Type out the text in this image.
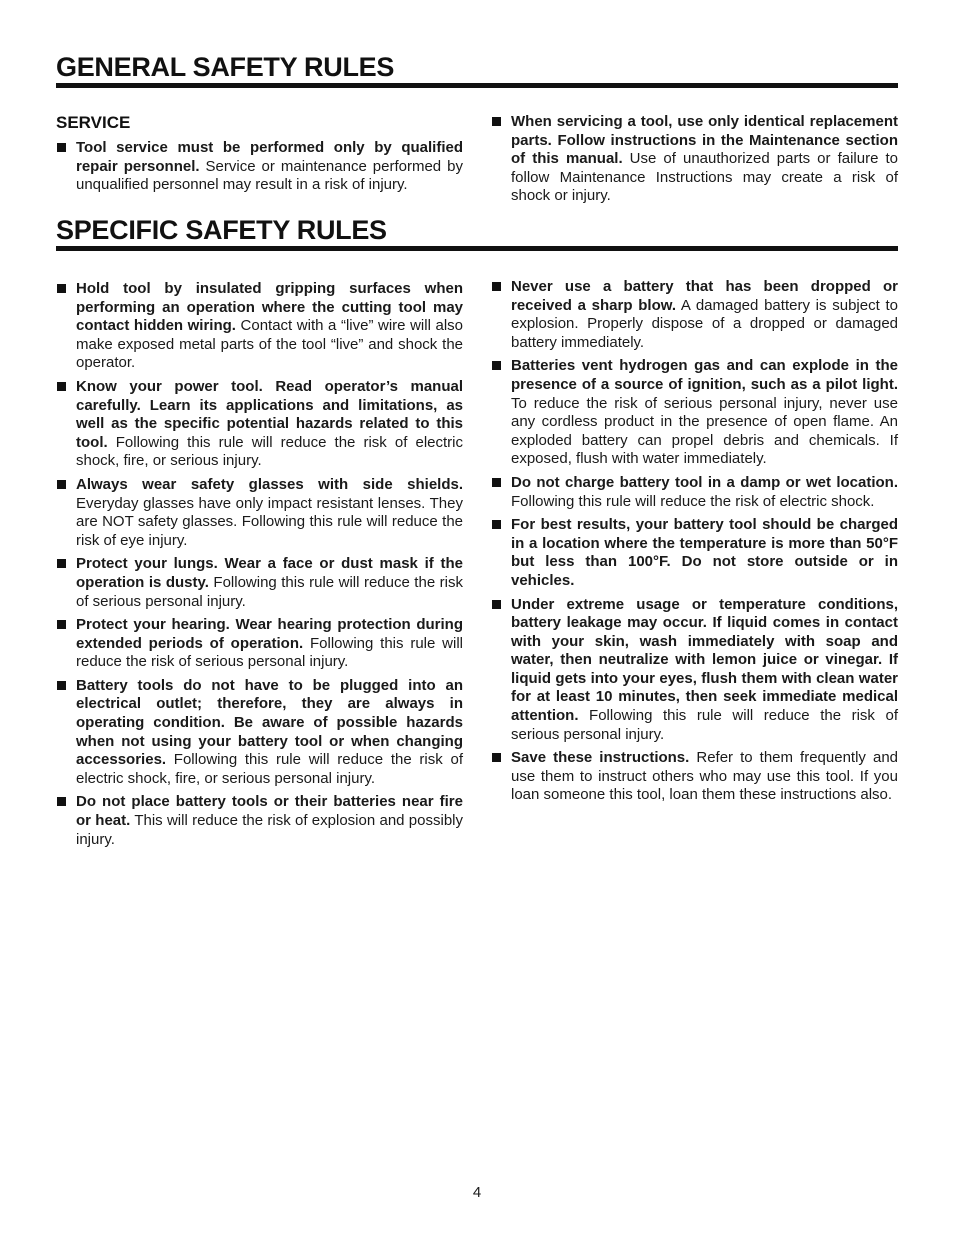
GENERAL SAFETY RULES
SERVICE
Tool service must be performed only by qualified repair personnel. Service or maintenance performed by unqualified personnel may result in a risk of injury.
When servicing a tool, use only identical replacement parts. Follow instructions in the Maintenance section of this manual. Use of unauthorized parts or failure to follow Maintenance Instructions may create a risk of shock or injury.
SPECIFIC SAFETY RULES
Hold tool by insulated gripping surfaces when performing an operation where the cutting tool may contact hidden wiring. Contact with a “live” wire will also make exposed metal parts of the tool “live” and shock the operator.
Know your power tool. Read operator’s manual carefully. Learn its applications and limitations, as well as the specific potential hazards related to this tool. Following this rule will reduce the risk of electric shock, fire, or serious injury.
Always wear safety glasses with side shields. Everyday glasses have only impact resistant lenses. They are NOT safety glasses. Following this rule will reduce the risk of eye injury.
Protect your lungs. Wear a face or dust mask if the operation is dusty. Following this rule will reduce the risk of serious personal injury.
Protect your hearing. Wear hearing protection during extended periods of operation. Following this rule will reduce the risk of serious personal injury.
Battery tools do not have to be plugged into an electrical outlet; therefore, they are always in operating condition. Be aware of possible hazards when not using your battery tool or when changing accessories. Following this rule will reduce the risk of electric shock, fire, or serious personal injury.
Do not place battery tools or their batteries near fire or heat. This will reduce the risk of explosion and possibly injury.
Never use a battery that has been dropped or received a sharp blow. A damaged battery is subject to explosion. Properly dispose of a dropped or damaged battery immediately.
Batteries vent hydrogen gas and can explode in the presence of a source of ignition, such as a pilot light. To reduce the risk of serious personal injury, never use any cordless product in the presence of open flame. An exploded battery can propel debris and chemicals. If exposed, flush with water immediately.
Do not charge battery tool in a damp or wet location. Following this rule will reduce the risk of electric shock.
For best results, your battery tool should be charged in a location where the temperature is more than 50°F but less than 100°F. Do not store outside or in vehicles.
Under extreme usage or temperature conditions, battery leakage may occur. If liquid comes in contact with your skin, wash immediately with soap and water, then neutralize with lemon juice or vinegar. If liquid gets into your eyes, flush them with clean water for at least 10 minutes, then seek immediate medical attention. Following this rule will reduce the risk of serious personal injury.
Save these instructions. Refer to them frequently and use them to instruct others who may use this tool. If you loan someone this tool, loan them these instructions also.
4
